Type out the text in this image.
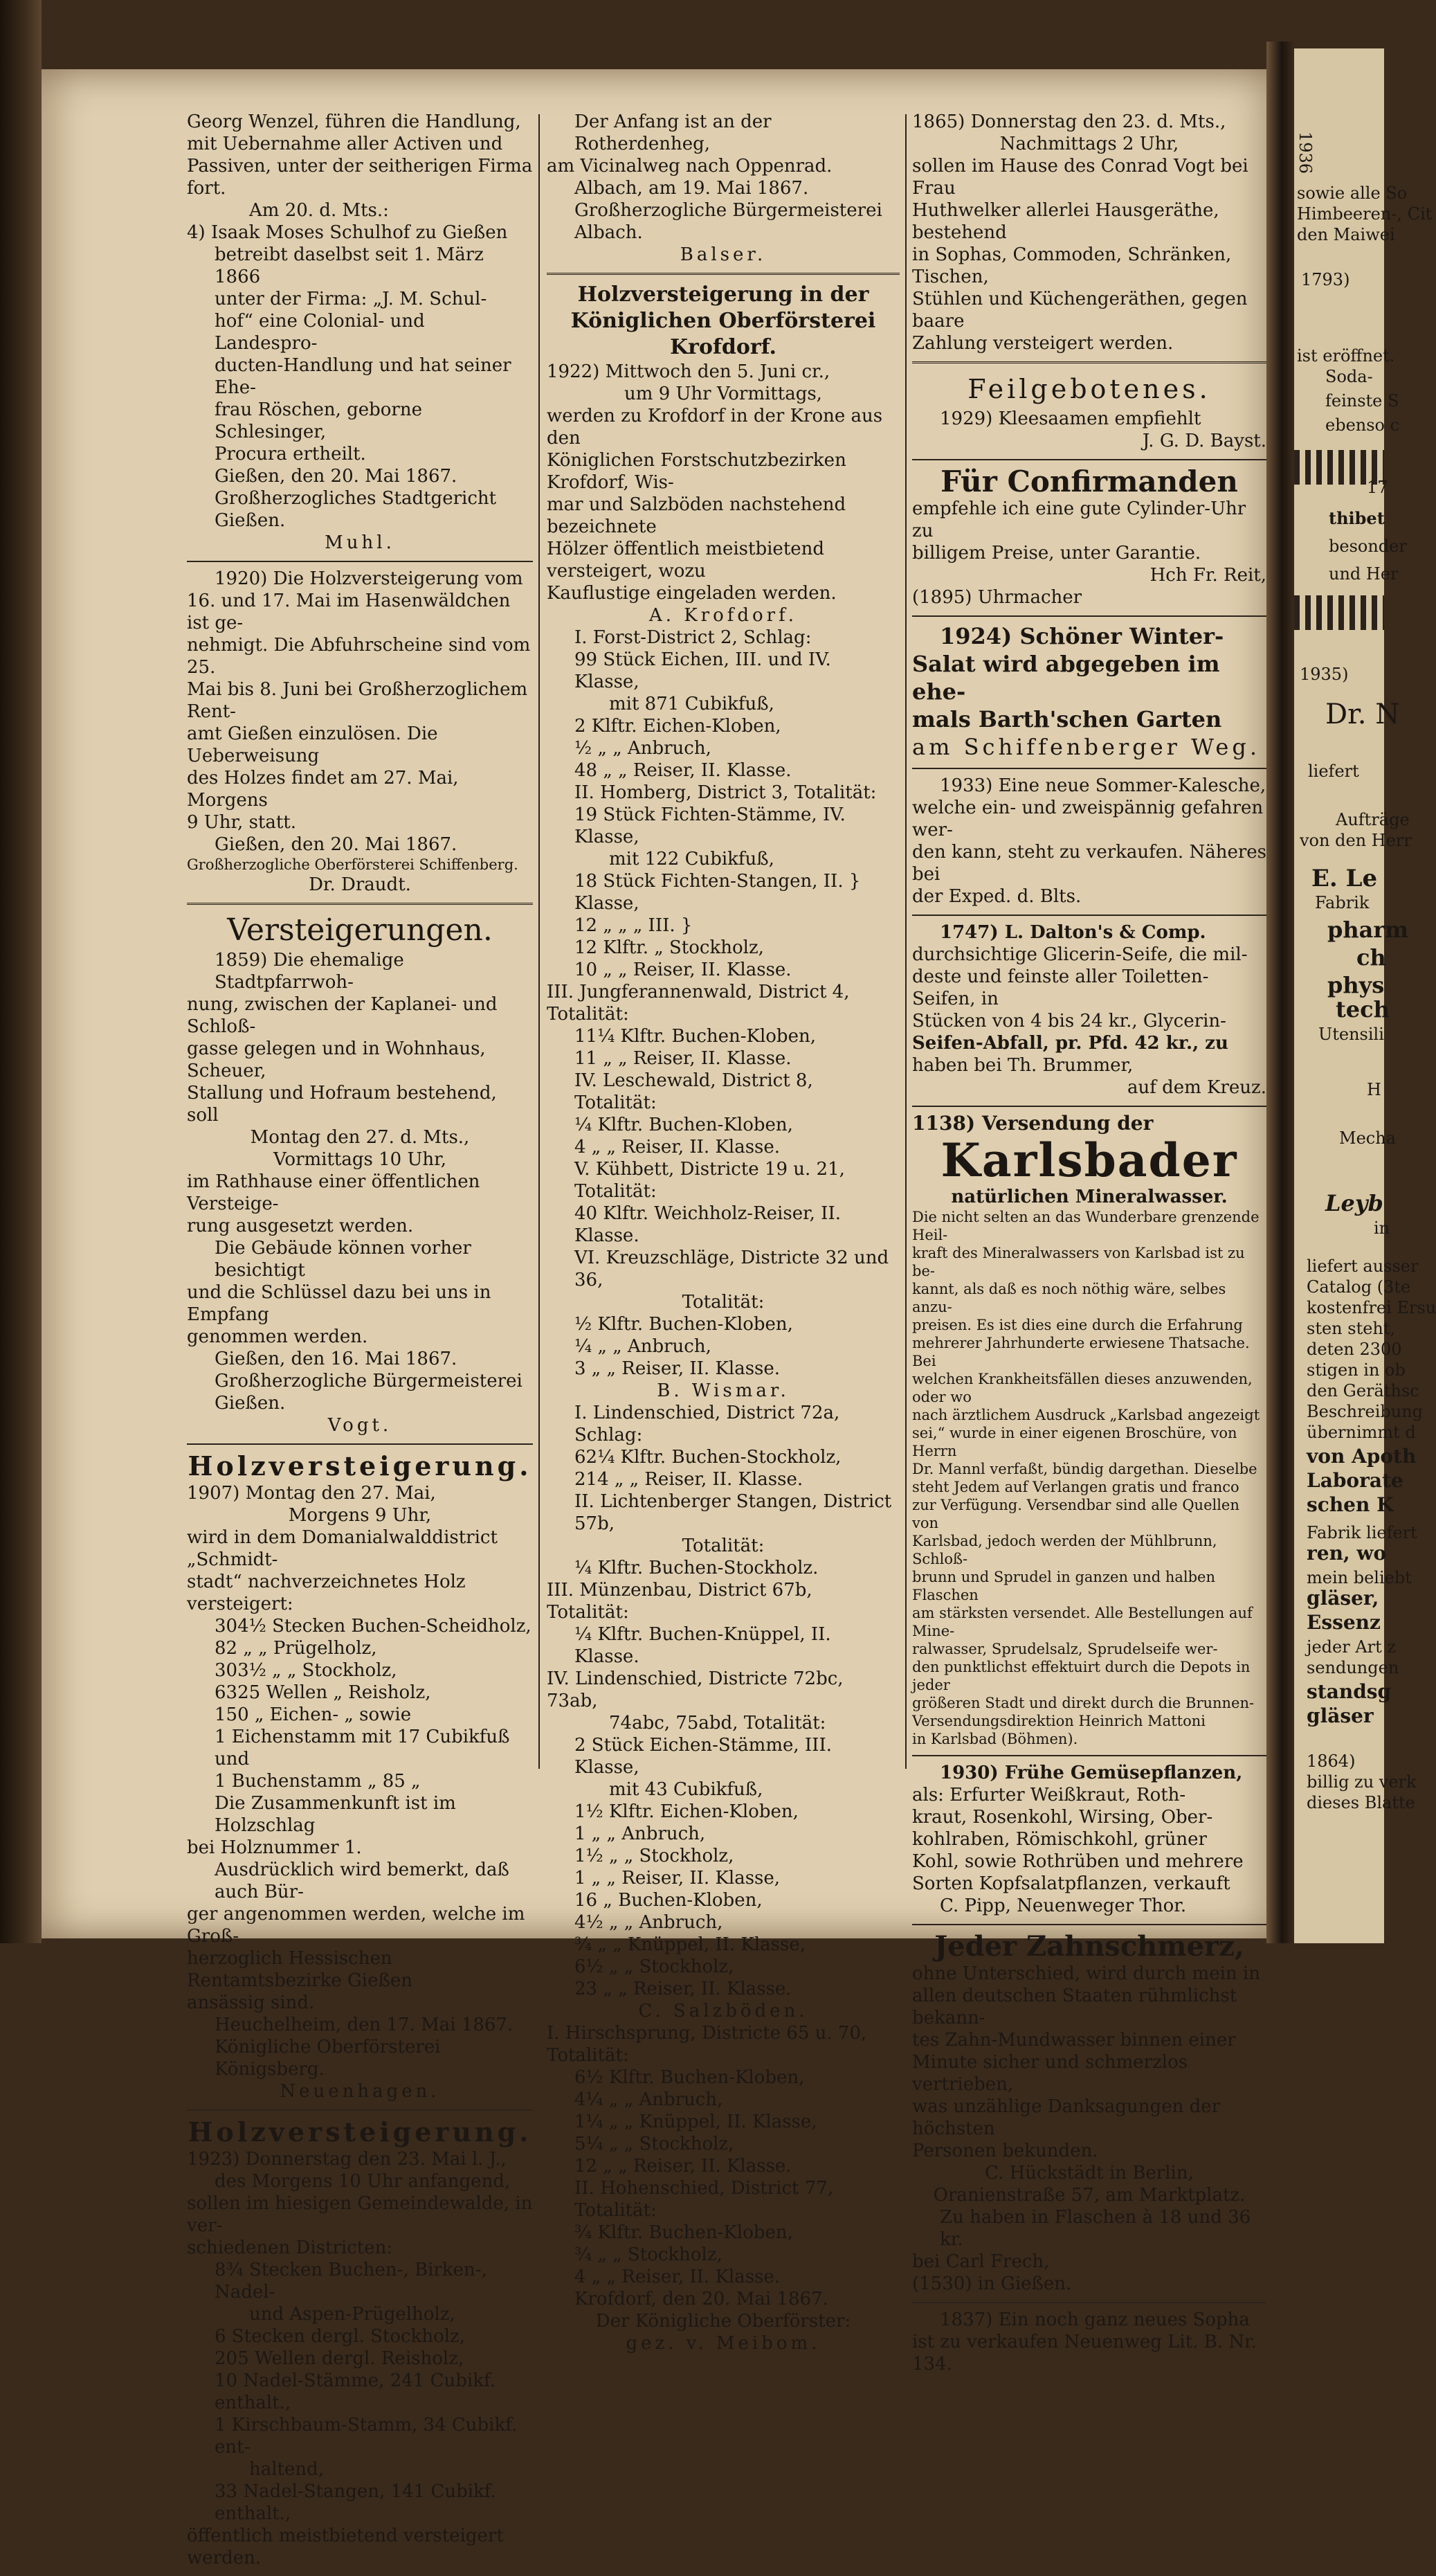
Georg Wenzel, führen die Handlung,

mit Uebernahme aller Activen und

Passiven, unter der seitherigen Firma

fort.

Am 20. d. Mts.:

4) Isaak Moses Schulhof zu Gießen

betreibt daselbst seit 1. März 1866

unter der Firma: „J. M. Schul-

hof“ eine Colonial- und Landespro-

ducten-Handlung und hat seiner Ehe-

frau Röschen, geborne Schlesinger,

Procura ertheilt.

Gießen, den 20. Mai 1867.

Großherzogliches Stadtgericht Gießen.

Muhl.

1920) Die Holzversteigerung vom

16. und 17. Mai im Hasenwäldchen ist ge-

nehmigt. Die Abfuhrscheine sind vom 25.

Mai bis 8. Juni bei Großherzoglichem Rent-

amt Gießen einzulösen. Die Ueberweisung

des Holzes findet am 27. Mai, Morgens

9 Uhr, statt.

Gießen, den 20. Mai 1867.

Großherzogliche Oberförsterei Schiffenberg.

Dr. Draudt.

Versteigerungen.

1859) Die ehemalige Stadtpfarrwoh-

nung, zwischen der Kaplanei- und Schloß-

gasse gelegen und in Wohnhaus, Scheuer,

Stallung und Hofraum bestehend, soll

Montag den 27. d. Mts.,

Vormittags 10 Uhr,

im Rathhause einer öffentlichen Versteige-

rung ausgesetzt werden.

Die Gebäude können vorher besichtigt

und die Schlüssel dazu bei uns in Empfang

genommen werden.

Gießen, den 16. Mai 1867.

Großherzogliche Bürgermeisterei Gießen.

Vogt.

Holzversteigerung.

1907) Montag den 27. Mai,

Morgens 9 Uhr,

wird in dem Domanialwalddistrict „Schmidt-

stadt“ nachverzeichnetes Holz versteigert:

304½ Stecken Buchen-Scheidholz,

82 „ „ Prügelholz,

303½ „ „ Stockholz,

6325 Wellen „ Reisholz,

150 „ Eichen- „ sowie

1 Eichenstamm mit 17 Cubikfuß und

1 Buchenstamm „ 85 „

Die Zusammenkunft ist im Holzschlag

bei Holznummer 1.

Ausdrücklich wird bemerkt, daß auch Bür-

ger angenommen werden, welche im Groß-

herzoglich Hessischen Rentamtsbezirke Gießen

ansässig sind.

Heuchelheim, den 17. Mai 1867.

Königliche Oberförsterei Königsberg.

Neuenhagen.

Holzversteigerung.

1923) Donnerstag den 23. Mai l. J.,

des Morgens 10 Uhr anfangend,

sollen im hiesigen Gemeindewalde, in ver-

schiedenen Districten:

8¾ Stecken Buchen-, Birken-, Nadel-

und Aspen-Prügelholz,

6 Stecken dergl. Stockholz,

205 Wellen dergl. Reisholz,

10 Nadel-Stämme, 241 Cubikf. enthalt.,

1 Kirschbaum-Stamm, 34 Cubikf. ent-

haltend,

33 Nadel-Stangen, 141 Cubikf. enthalt.,

öffentlich meistbietend versteigert werden.

Der Anfang ist an der Rotherdenheg,

am Vicinalweg nach Oppenrad.

Albach, am 19. Mai 1867.

Großherzogliche Bürgermeisterei Albach.

Balser.

Holzversteigerung in der Königlichen Oberförsterei Krofdorf.

1922) Mittwoch den 5. Juni cr.,

um 9 Uhr Vormittags,

werden zu Krofdorf in der Krone aus den

Königlichen Forstschutzbezirken Krofdorf, Wis-

mar und Salzböden nachstehend bezeichnete

Hölzer öffentlich meistbietend versteigert, wozu

Kauflustige eingeladen werden.

A. Krofdorf.

I. Forst-District 2, Schlag:

99 Stück Eichen, III. und IV. Klasse,

mit 871 Cubikfuß,

2 Klftr. Eichen-Kloben,

½ „ „ Anbruch,

48 „ „ Reiser, II. Klasse.

II. Homberg, District 3, Totalität:

19 Stück Fichten-Stämme, IV. Klasse,

mit 122 Cubikfuß,

18 Stück Fichten-Stangen, II. } Klasse,

12 „ „ „ III. }

12 Klftr. „ Stockholz,

10 „ „ Reiser, II. Klasse.

III. Jungferannenwald, District 4, Totalität:

11¼ Klftr. Buchen-Kloben,

11 „ „ Reiser, II. Klasse.

IV. Leschewald, District 8, Totalität:

¼ Klftr. Buchen-Kloben,

4 „ „ Reiser, II. Klasse.

V. Kühbett, Districte 19 u. 21, Totalität:

40 Klftr. Weichholz-Reiser, II. Klasse.

VI. Kreuzschläge, Districte 32 und 36,

Totalität:

½ Klftr. Buchen-Kloben,

¼ „ „ Anbruch,

3 „ „ Reiser, II. Klasse.

B. Wismar.

I. Lindenschied, District 72a, Schlag:

62¼ Klftr. Buchen-Stockholz,

214 „ „ Reiser, II. Klasse.

II. Lichtenberger Stangen, District 57b,

Totalität:

¼ Klftr. Buchen-Stockholz.

III. Münzenbau, District 67b, Totalität:

¼ Klftr. Buchen-Knüppel, II. Klasse.

IV. Lindenschied, Districte 72bc, 73ab,

74abc, 75abd, Totalität:

2 Stück Eichen-Stämme, III. Klasse,

mit 43 Cubikfuß,

1½ Klftr. Eichen-Kloben,

1 „ „ Anbruch,

1½ „ „ Stockholz,

1 „ „ Reiser, II. Klasse,

16 „ Buchen-Kloben,

4½ „ „ Anbruch,

¾ „ „ Knüppel, II. Klasse,

6½ „ „ Stockholz,

23 „ „ Reiser, II. Klasse.

C. Salzböden.

I. Hirschsprung, Districte 65 u. 70, Totalität:

6½ Klftr. Buchen-Kloben,

4¼ „ „ Anbruch,

1¼ „ „ Knüppel, II. Klasse,

5¼ „ „ Stockholz,

12 „ „ Reiser, II. Klasse.

II. Hohenschied, District 77, Totalität:

¾ Klftr. Buchen-Kloben,

¾ „ „ Stockholz,

4 „ „ Reiser, II. Klasse.

Krofdorf, den 20. Mai 1867.

Der Königliche Oberförster:

gez. v. Meibom.

1865) Donnerstag den 23. d. Mts.,

Nachmittags 2 Uhr,

sollen im Hause des Conrad Vogt bei Frau

Huthwelker allerlei Hausgeräthe, bestehend

in Sophas, Commoden, Schränken, Tischen,

Stühlen und Küchengeräthen, gegen baare

Zahlung versteigert werden.

Feilgebotenes.

1929) Kleesaamen empfiehlt

J. G. D. Bayst.

Für Confirmanden

empfehle ich eine gute Cylinder-Uhr zu

billigem Preise, unter Garantie.

Hch Fr. Reit,

(1895) Uhrmacher

1924) Schöner Winter-

Salat wird abgegeben im ehe-

mals Barth'schen Garten

am Schiffenberger Weg.

1933) Eine neue Sommer-Kalesche,

welche ein- und zweispännig gefahren wer-

den kann, steht zu verkaufen. Näheres bei

der Exped. d. Blts.

1747) L. Dalton's & Comp.

durchsichtige Glicerin-Seife, die mil-

deste und feinste aller Toiletten-Seifen, in

Stücken von 4 bis 24 kr., Glycerin-

Seifen-Abfall, pr. Pfd. 42 kr., zu

haben bei Th. Brummer,

auf dem Kreuz.

1138) Versendung der

Karlsbader

natürlichen Mineralwasser.

Die nicht selten an das Wunderbare grenzende Heil-

kraft des Mineralwassers von Karlsbad ist zu be-

kannt, als daß es noch nöthig wäre, selbes anzu-

preisen. Es ist dies eine durch die Erfahrung

mehrerer Jahrhunderte erwiesene Thatsache. Bei

welchen Krankheitsfällen dieses anzuwenden, oder wo

nach ärztlichem Ausdruck „Karlsbad angezeigt

sei,“ wurde in einer eigenen Broschüre, von Herrn

Dr. Mannl verfaßt, bündig dargethan. Dieselbe

steht Jedem auf Verlangen gratis und franco

zur Verfügung. Versendbar sind alle Quellen von

Karlsbad, jedoch werden der Mühlbrunn, Schloß-

brunn und Sprudel in ganzen und halben Flaschen

am stärksten versendet. Alle Bestellungen auf Mine-

ralwasser, Sprudelsalz, Sprudelseife wer-

den punktlichst effektuirt durch die Depots in jeder

größeren Stadt und direkt durch die Brunnen-

Versendungsdirektion Heinrich Mattoni

in Karlsbad (Böhmen).

1930) Frühe Gemüsepflanzen,

als: Erfurter Weißkraut, Roth-

kraut, Rosenkohl, Wirsing, Ober-

kohlraben, Römischkohl, grüner

Kohl, sowie Rothrüben und mehrere

Sorten Kopfsalatpflanzen, verkauft

C. Pipp, Neuenweger Thor.

Jeder Zahnschmerz,

ohne Unterschied, wird durch mein in

allen deutschen Staaten rühmlichst bekann-

tes Zahn-Mundwasser binnen einer

Minute sicher und schmerzlos vertrieben,

was unzählige Danksagungen der höchsten

Personen bekunden.

C. Hückstädt in Berlin,

Oranienstraße 57, am Marktplatz.

Zu haben in Flaschen à 18 und 36 kr.

bei Carl Frech,

(1530) in Gießen.

1837) Ein noch ganz neues Sopha

ist zu verkaufen Neuenweg Lit. B. Nr. 134.

1936
sowie alle So
Himbeeren-, Cit
den Maiwei
1793)
ist eröffnet.
Soda-
feinste S
ebenso c
17
thibet
besonder
und Her
1935)
Dr. N
liefert
Aufträge
von den Herr
E. Le
Fabrik
pharm
ch
phys
tech
Utensili
H
Mecha
Leyb
in
liefert ausser
Catalog (3te
kostenfrei Ersu
sten steht,
deten 2300
stigen in ob
den Geräthsc
Beschreibung
übernimmt d
von Apoth
Laborate
schen K
Fabrik liefert
ren, wo
mein beliebt
gläser,
Essenz
jeder Art z
sendungen
standsg
gläser
1864)
billig zu verk
dieses Blatte
